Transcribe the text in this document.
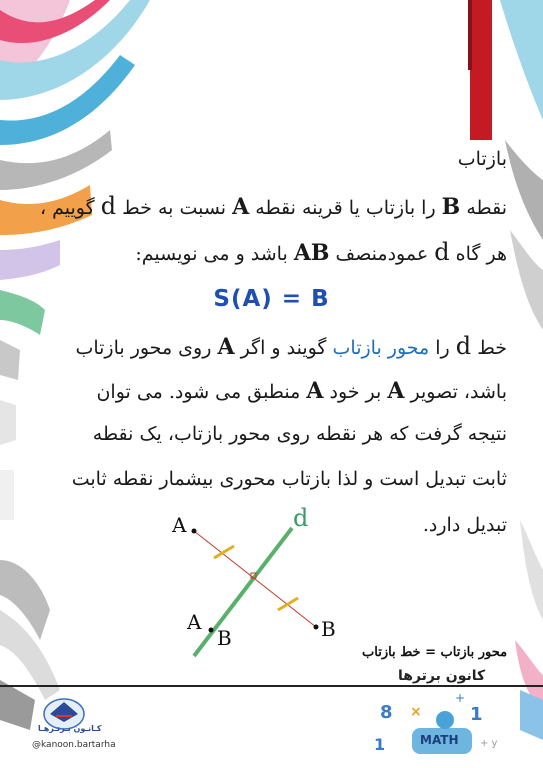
8 ×
1
1
+
+ y
بازتاب
نقطه B را بازتاب یا قرینه نقطه A نسبت به خط d گوییم ،
هر گاه d عمودمنصف AB باشد و می نویسیم:
S(A) = B
خط d را محور بازتاب گویند و اگر A روی محور بازتاب
باشد، تصویر A بر خود A منطبق می شود. می توان
نتیجه گرفت که هر نقطه روی محور بازتاب، یک نقطه
ثابت تبدیل است و لذا بازتاب محوری بیشمار نقطه ثابت
تبدیل دارد.
A	d
A
B	B
محور بازتاب = خط بازتاب
کانون برترها
کـانـون بـرتـرهـا
@kanoon.bartarha	MATH
